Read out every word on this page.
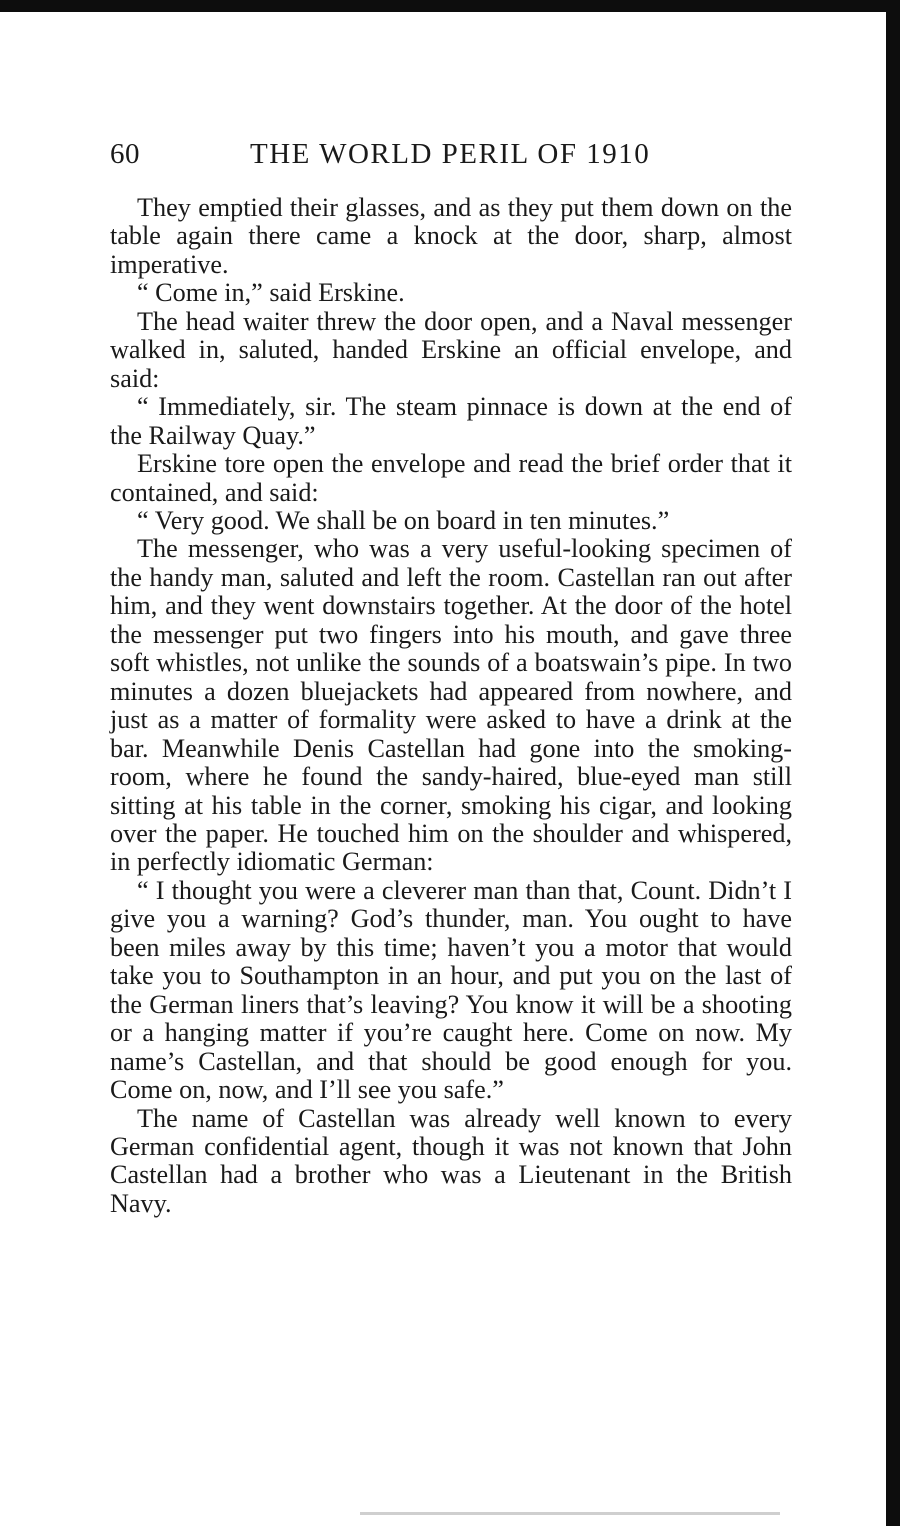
60	THE WORLD PERIL OF 1910

They emptied their glasses, and as they put them down on the table again there came a knock at the door, sharp, almost imperative.

“ Come in,” said Erskine.

The head waiter threw the door open, and a Naval messenger walked in, saluted, handed Erskine an official envelope, and said:

“ Immediately, sir. The steam pinnace is down at the end of the Railway Quay.”

Erskine tore open the envelope and read the brief order that it contained, and said:

“ Very good. We shall be on board in ten minutes.”

The messenger, who was a very useful-looking specimen of the handy man, saluted and left the room. Castellan ran out after him, and they went downstairs together. At the door of the hotel the messenger put two fingers into his mouth, and gave three soft whistles, not unlike the sounds of a boatswain’s pipe. In two minutes a dozen bluejackets had appeared from nowhere, and just as a matter of formality were asked to have a drink at the bar. Meanwhile Denis Castellan had gone into the smoking-room, where he found the sandy-haired, blue-eyed man still sitting at his table in the corner, smoking his cigar, and looking over the paper. He touched him on the shoulder and whispered, in perfectly idiomatic German:

“ I thought you were a cleverer man than that, Count. Didn’t I give you a warning? God’s thunder, man. You ought to have been miles away by this time; haven’t you a motor that would take you to Southampton in an hour, and put you on the last of the German liners that’s leaving? You know it will be a shooting or a hanging matter if you’re caught here. Come on now. My name’s Castellan, and that should be good enough for you. Come on, now, and I’ll see you safe.”

The name of Castellan was already well known to every German confidential agent, though it was not known that John Castellan had a brother who was a Lieutenant in the British Navy.
